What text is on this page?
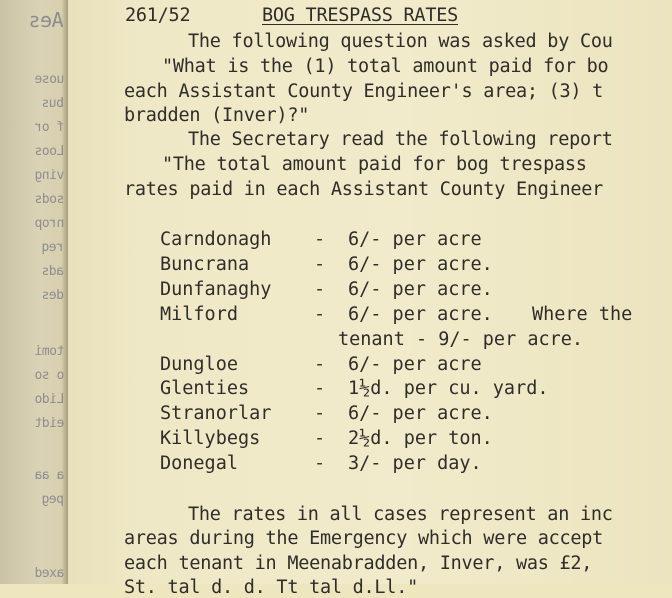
Aes
uose
bus
f or
Loos
ving
sods
nrop
req
ads
des
tomi
o so
Lido
eidt
a aa
peg
axed
261/52	BOG TRESPASS RATES
The following question was asked by Cou
"What is the (1) total amount paid for bo
each Assistant County Engineer's area; (3) t
bradden (Inver)?"
The Secretary read the following report
"The total amount paid for bog trespass
rates paid in each Assistant County Engineer
Carndonagh - 6/- per acre
Buncrana	- 6/- per acre.
Dunfanaghy - 6/- per acre.
Milford	- 6/- per acre. Where the
tenant - 9/- per acre.
Dungloe	- 6/- per acre
Glenties	- 1½d. per cu. yard.
Stranorlar - 6/- per acre.
Killybegs	- 2½d. per ton.
Donegal	- 3/- per day.
The rates in all cases represent an inc
areas during the Emergency which were accept
each tenant in Meenabradden, Inver, was £2,
St. tal d. d. Tt tal d.Ll."
